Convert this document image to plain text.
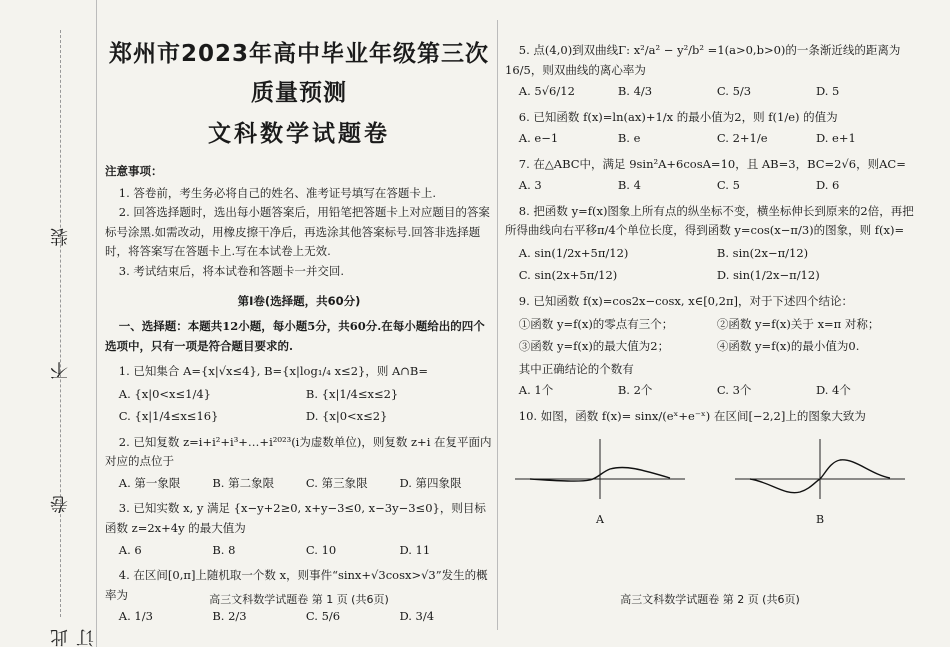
此 卷 不 装 订
郑州市2023年高中毕业年级第三次质量预测
文科数学试题卷
注意事项：

1. 答卷前，考生务必将自己的姓名、准考证号填写在答题卡上.

2. 回答选择题时，选出每小题答案后，用铅笔把答题卡上对应题目的答案标号涂黑.如需改动，用橡皮擦干净后，再选涂其他答案标号.回答非选择题时，将答案写在答题卡上.写在本试卷上无效.

3. 考试结束后，将本试卷和答题卡一并交回.

第Ⅰ卷(选择题，共60分)

一、选择题：本题共12小题，每小题5分，共60分.在每小题给出的四个选项中，只有一项是符合题目要求的.

1. 已知集合 A={x|√x≤4}, B={x|log₁/₄ x≤2}，则 A∩B=

A. {x|0<x≤1/4}	B. {x|1/4≤x≤2}
C. {x|1/4≤x≤16}	D. {x|0<x≤2}

2. 已知复数 z=i+i²+i³+…+i²⁰²³(i为虚数单位)，则复数 z+i 在复平面内对应的点位于

A. 第一象限	B. 第二象限	C. 第三象限	D. 第四象限

3. 已知实数 x, y 满足 {x−y+2≥0, x+y−3≤0, x−3y−3≤0}，则目标函数 z=2x+4y 的最大值为

A. 6	B. 8	C. 10	D. 11

4. 在区间[0,π]上随机取一个数 x，则事件“sinx+√3cosx>√3”发生的概率为

A. 1/3	B. 2/3	C. 5/6	D. 3/4
高三文科数学试题卷 第 1 页 (共6页)

5. 点(4,0)到双曲线Γ: x²/a² − y²/b² =1(a>0,b>0)的一条渐近线的距离为16/5，则双曲线的离心率为

A. 5√6/12	B. 4/3	C. 5/3	D. 5

6. 已知函数 f(x)=ln(ax)+1/x 的最小值为2，则 f(1/e) 的值为

A. e−1	B. e	C. 2+1/e	D. e+1

7. 在△ABC中，满足 9sin²A+6cosA=10，且 AB=3，BC=2√6，则AC=

A. 3	B. 4	C. 5	D. 6

8. 把函数 y=f(x)图象上所有点的纵坐标不变，横坐标伸长到原来的2倍，再把所得曲线向右平移π/4个单位长度，得到函数 y=cos(x−π/3)的图象，则 f(x)=

A. sin(1/2x+5π/12)	B. sin(2x−π/12)
C. sin(2x+5π/12)	D. sin(1/2x−π/12)

9. 已知函数 f(x)=cos2x−cosx, x∈[0,2π]，对于下述四个结论：

①函数 y=f(x)的零点有三个；	②函数 y=f(x)关于 x=π 对称；
③函数 y=f(x)的最大值为2；	④函数 y=f(x)的最小值为0.

其中正确结论的个数有

A. 1个	B. 2个	C. 3个	D. 4个

10. 如图，函数 f(x)= sinx/(eˣ+e⁻ˣ) 在区间[−2,2]上的图象大致为

A	B
高三文科数学试题卷 第 2 页 (共6页)
